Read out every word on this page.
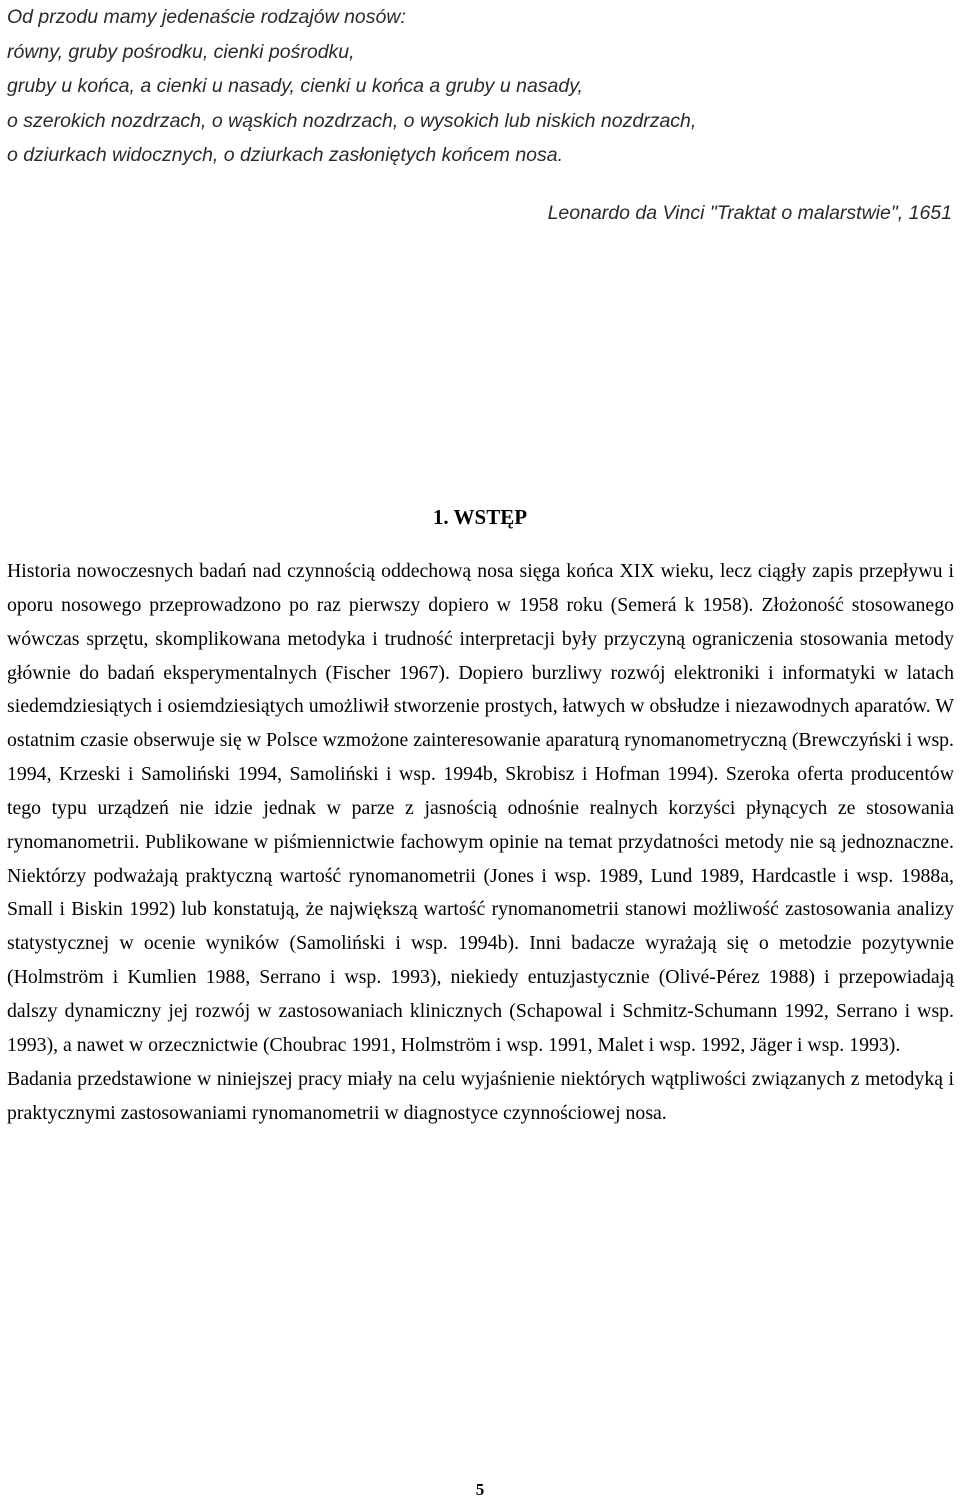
Od przodu mamy jedenaście rodzajów nosów:
równy, gruby pośrodku, cienki pośrodku,
gruby u końca, a cienki u nasady, cienki u końca a gruby u nasady,
o szerokich nozdrzach, o wąskich nozdrzach, o wysokich lub niskich nozdrzach,
o dziurkach widocznych, o dziurkach zasłoniętych końcem nosa.
Leonardo da Vinci "Traktat o malarstwie", 1651
1. WSTĘP

Historia nowoczesnych badań nad czynnością oddechową nosa sięga końca XIX wieku, lecz ciągły zapis przepływu i oporu nosowego przeprowadzono po raz pierwszy dopiero w 1958 roku (Semerá k 1958). Złożoność stosowanego wówczas sprzętu, skomplikowana metodyka i trudność interpretacji były przyczyną ograniczenia stosowania metody głównie do badań eksperymentalnych (Fischer 1967). Dopiero burzliwy rozwój elektroniki i informatyki w latach siedemdziesiątych i osiemdziesiątych umożliwił stworzenie prostych, łatwych w obsłudze i niezawodnych aparatów. W ostatnim czasie obserwuje się w Polsce wzmożone zainteresowanie aparaturą rynomanometryczną (Brewczyński i wsp. 1994, Krzeski i Samoliński 1994, Samoliński i wsp. 1994b, Skrobisz i Hofman 1994). Szeroka oferta producentów tego typu urządzeń nie idzie jednak w parze z jasnością odnośnie realnych korzyści płynących ze stosowania rynomanometrii. Publikowane w piśmiennictwie fachowym opinie na temat przydatności metody nie są jednoznaczne. Niektórzy podważają praktyczną wartość rynomanometrii (Jones i wsp. 1989, Lund 1989, Hardcastle i wsp. 1988a, Small i Biskin 1992) lub konstatują, że największą wartość rynomanometrii stanowi możliwość zastosowania analizy statystycznej w ocenie wyników (Samoliński i wsp. 1994b). Inni badacze wyrażają się o metodzie pozytywnie (Holmström i Kumlien 1988, Serrano i wsp. 1993), niekiedy entuzjastycznie (Olivé-Pérez 1988) i przepowiadają dalszy dynamiczny jej rozwój w zastosowaniach klinicznych (Schapowal i Schmitz-Schumann 1992, Serrano i wsp. 1993), a nawet w orzecznictwie (Choubrac 1991, Holmström i wsp. 1991, Malet i wsp. 1992, Jäger i wsp. 1993).

Badania przedstawione w niniejszej pracy miały na celu wyjaśnienie niektórych wątpliwości związanych z metodyką i praktycznymi zastosowaniami rynomanometrii w diagnostyce czynnościowej nosa.

5
